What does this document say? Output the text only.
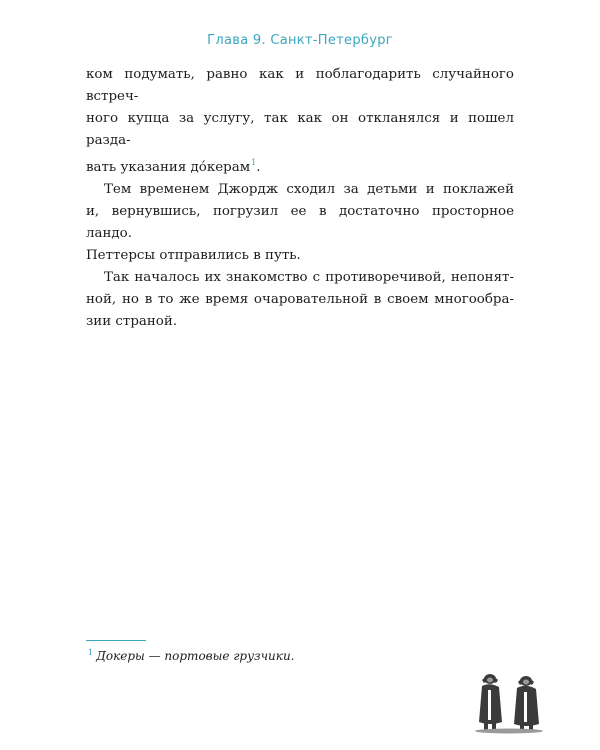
Глава 9. Санкт-Петербург

ком подумать, равно как и поблагодарить случайного встреч-
ного купца за услугу, так как он откланялся и пошел разда-
вать указания до́керам$^1$.

Тем временем Джордж сходил за детьми и поклажей
и, вернувшись, погрузил ее в достаточно просторное ландо.
Петтерсы отправились в путь.

Так началось их знакомство с противоречивой, непонят-
ной, но в то же время очаровательной в своем многообра-
зии страной.

$^1$ Докеры — портовые грузчики.
